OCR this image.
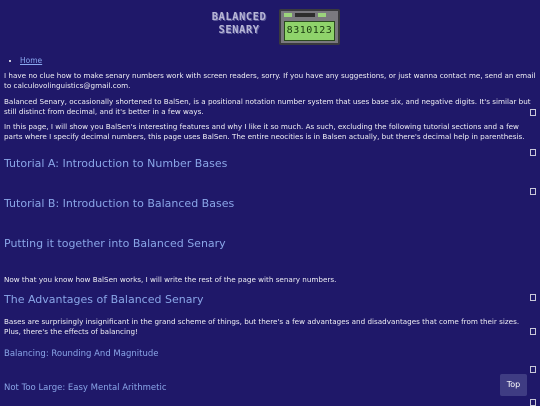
BALANCED
SENARY	8310123
• Home

I have no clue how to make senary numbers work with screen readers, sorry. If you have any suggestions, or just wanna contact me, send an email to calculovolinguistics@gmail.com.

Balanced Senary, occasionally shortened to BalSen, is a positional notation number system that uses base six, and negative digits. It's similar but still distinct from decimal, and it's better in a few ways.

In this page, I will show you BalSen's interesting features and why I like it so much. As such, excluding the following tutorial sections and a few parts where I specify decimal numbers, this page uses BalSen. The entire neocities is in Balsen actually, but there's decimal help in parenthesis.

Tutorial A: Introduction to Number Bases
Tutorial B: Introduction to Balanced Bases
Putting it together into Balanced Senary

Now that you know how BalSen works, I will write the rest of the page with senary numbers.

The Advantages of Balanced Senary

Bases are surprisingly insignificant in the grand scheme of things, but there's a few advantages and disadvantages that come from their sizes. Plus, there's the effects of balancing!

Balancing: Rounding And Magnitude
Not Too Large: Easy Mental Arithmetic	Top
